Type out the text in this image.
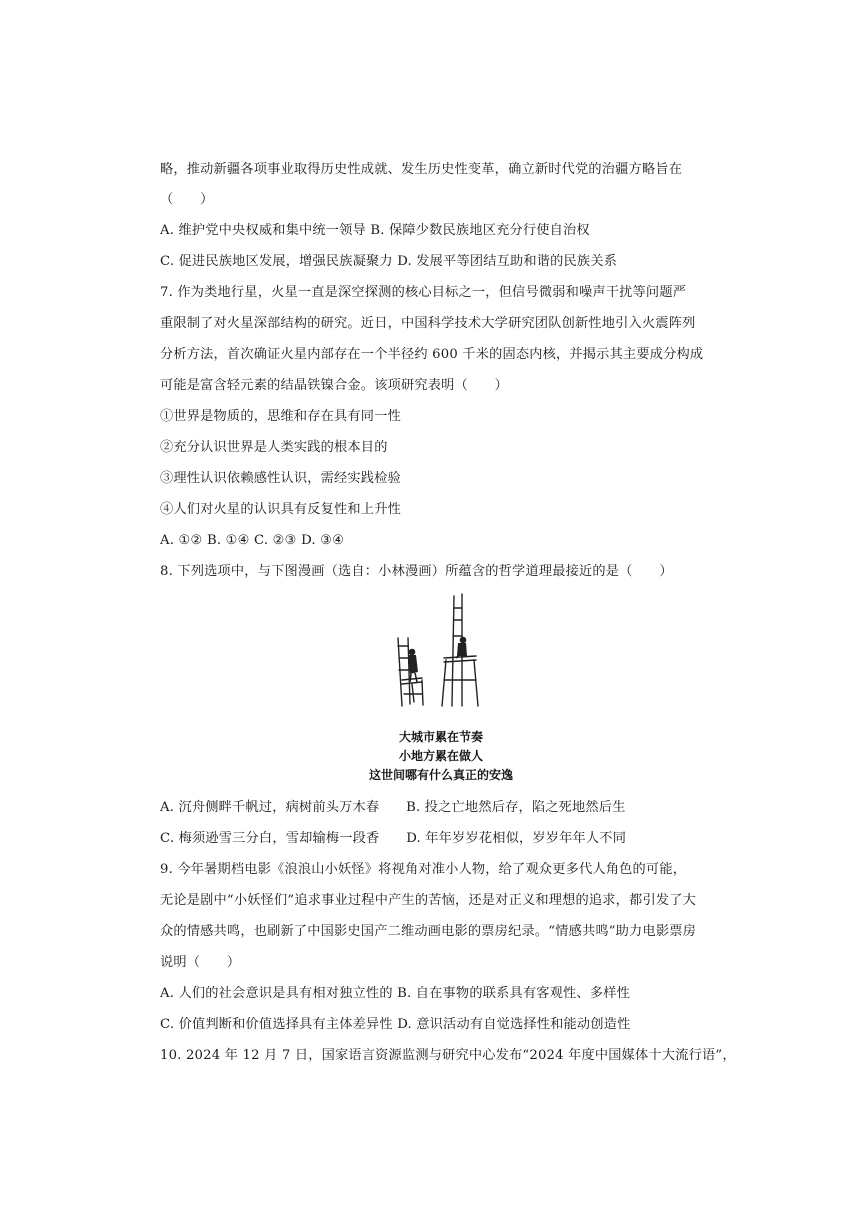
略，推动新疆各项事业取得历史性成就、发生历史性变革，确立新时代党的治疆方略旨在
（　　）
A. 维护党中央权威和集中统一领导 B. 保障少数民族地区充分行使自治权
C. 促进民族地区发展，增强民族凝聚力 D. 发展平等团结互助和谐的民族关系
7. 作为类地行星，火星一直是深空探测的核心目标之一，但信号微弱和噪声干扰等问题严
重限制了对火星深部结构的研究。近日，中国科学技术大学研究团队创新性地引入火震阵列
分析方法，首次确证火星内部存在一个半径约 600 千米的固态内核，并揭示其主要成分构成
可能是富含轻元素的结晶铁镍合金。该项研究表明（　　）
①世界是物质的，思维和存在具有同一性
②充分认识世界是人类实践的根本目的
③理性认识依赖感性认识，需经实践检验
④人们对火星的认识具有反复性和上升性
A. ①② B. ①④ C. ②③ D. ③④
8. 下列选项中，与下图漫画（选自：小林漫画）所蕴含的哲学道理最接近的是（　　）
大城市累在节奏
小地方累在做人
这世间哪有什么真正的安逸
A. 沉舟侧畔千帆过，病树前头万木春　　B. 投之亡地然后存，陷之死地然后生
C. 梅须逊雪三分白，雪却输梅一段香　　D. 年年岁岁花相似，岁岁年年人不同
9. 今年暑期档电影《浪浪山小妖怪》将视角对准小人物，给了观众更多代人角色的可能，
无论是剧中“小妖怪们”追求事业过程中产生的苦恼，还是对正义和理想的追求，都引发了大
众的情感共鸣，也刷新了中国影史国产二维动画电影的票房纪录。“情感共鸣”助力电影票房
说明（　　）
A. 人们的社会意识是具有相对独立性的 B. 自在事物的联系具有客观性、多样性
C. 价值判断和价值选择具有主体差异性 D. 意识活动有自觉选择性和能动创造性
10. 2024 年 12 月 7 日，国家语言资源监测与研究中心发布“2024 年度中国媒体十大流行语”，
